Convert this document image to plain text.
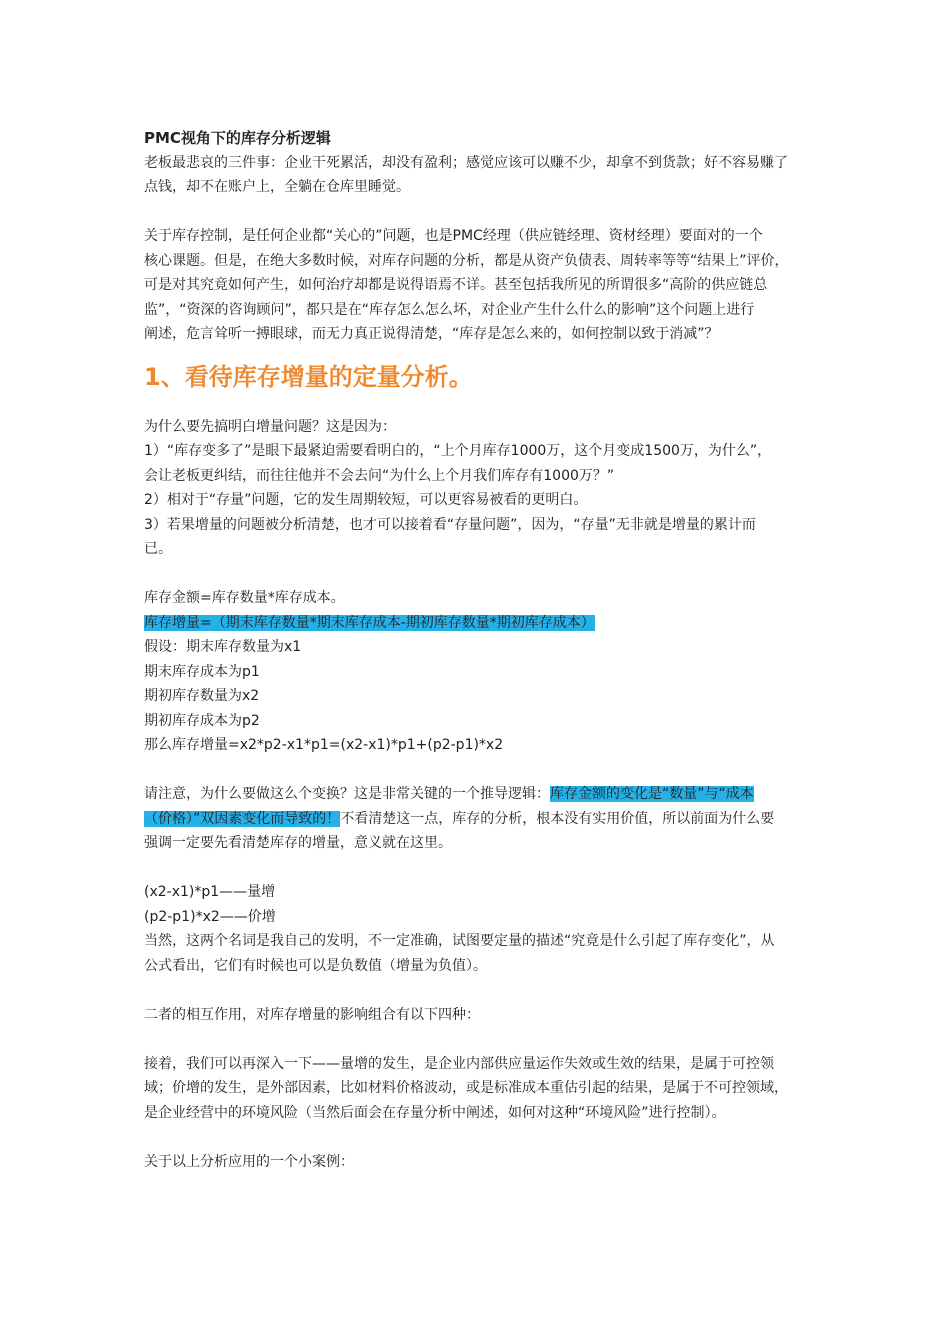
PMC视角下的库存分析逻辑
老板最悲哀的三件事：企业干死累活，却没有盈利；感觉应该可以赚不少，却拿不到货款；好不容易赚了
点钱，却不在账户上，全躺在仓库里睡觉。
关于库存控制，是任何企业都“关心的”问题，也是PMC经理（供应链经理、资材经理）要面对的一个
核心课题。但是，在绝大多数时候，对库存问题的分析，都是从资产负债表、周转率等等“结果上”评价，
可是对其究竟如何产生，如何治疗却都是说得语焉不详。甚至包括我所见的所谓很多“高阶的供应链总
监”，“资深的咨询顾问”，都只是在“库存怎么怎么坏，对企业产生什么什么的影响”这个问题上进行
阐述，危言耸听一搏眼球，而无力真正说得清楚，“库存是怎么来的，如何控制以致于消减”？
1、看待库存增量的定量分析。
为什么要先搞明白增量问题？这是因为：
1）“库存变多了”是眼下最紧迫需要看明白的，“上个月库存1000万，这个月变成1500万，为什么”，
会让老板更纠结，而往往他并不会去问“为什么上个月我们库存有1000万？”
2）相对于“存量”问题，它的发生周期较短，可以更容易被看的更明白。
3）若果增量的问题被分析清楚，也才可以接着看“存量问题”，因为，“存量”无非就是增量的累计而
已。
库存金额=库存数量*库存成本。
库存增量=（期末库存数量*期末库存成本-期初库存数量*期初库存成本）
假设：期末库存数量为x1
期末库存成本为p1
期初库存数量为x2
期初库存成本为p2
那么库存增量=x2*p2-x1*p1=(x2-x1)*p1+(p2-p1)*x2
请注意，为什么要做这么个变换？这是非常关键的一个推导逻辑：库存金额的变化是“数量”与“成本
（价格）”双因素变化而导致的！不看清楚这一点，库存的分析，根本没有实用价值，所以前面为什么要
强调一定要先看清楚库存的增量，意义就在这里。
(x2-x1)*p1——量增
(p2-p1)*x2——价增
当然，这两个名词是我自己的发明，不一定准确，试图要定量的描述“究竟是什么引起了库存变化”，从
公式看出，它们有时候也可以是负数值（增量为负值）。
二者的相互作用，对库存增量的影响组合有以下四种：
接着，我们可以再深入一下——量增的发生，是企业内部供应量运作失效或生效的结果，是属于可控领
域；价增的发生，是外部因素，比如材料价格波动，或是标准成本重估引起的结果，是属于不可控领域，
是企业经营中的环境风险（当然后面会在存量分析中阐述，如何对这种“环境风险”进行控制）。
关于以上分析应用的一个小案例：
